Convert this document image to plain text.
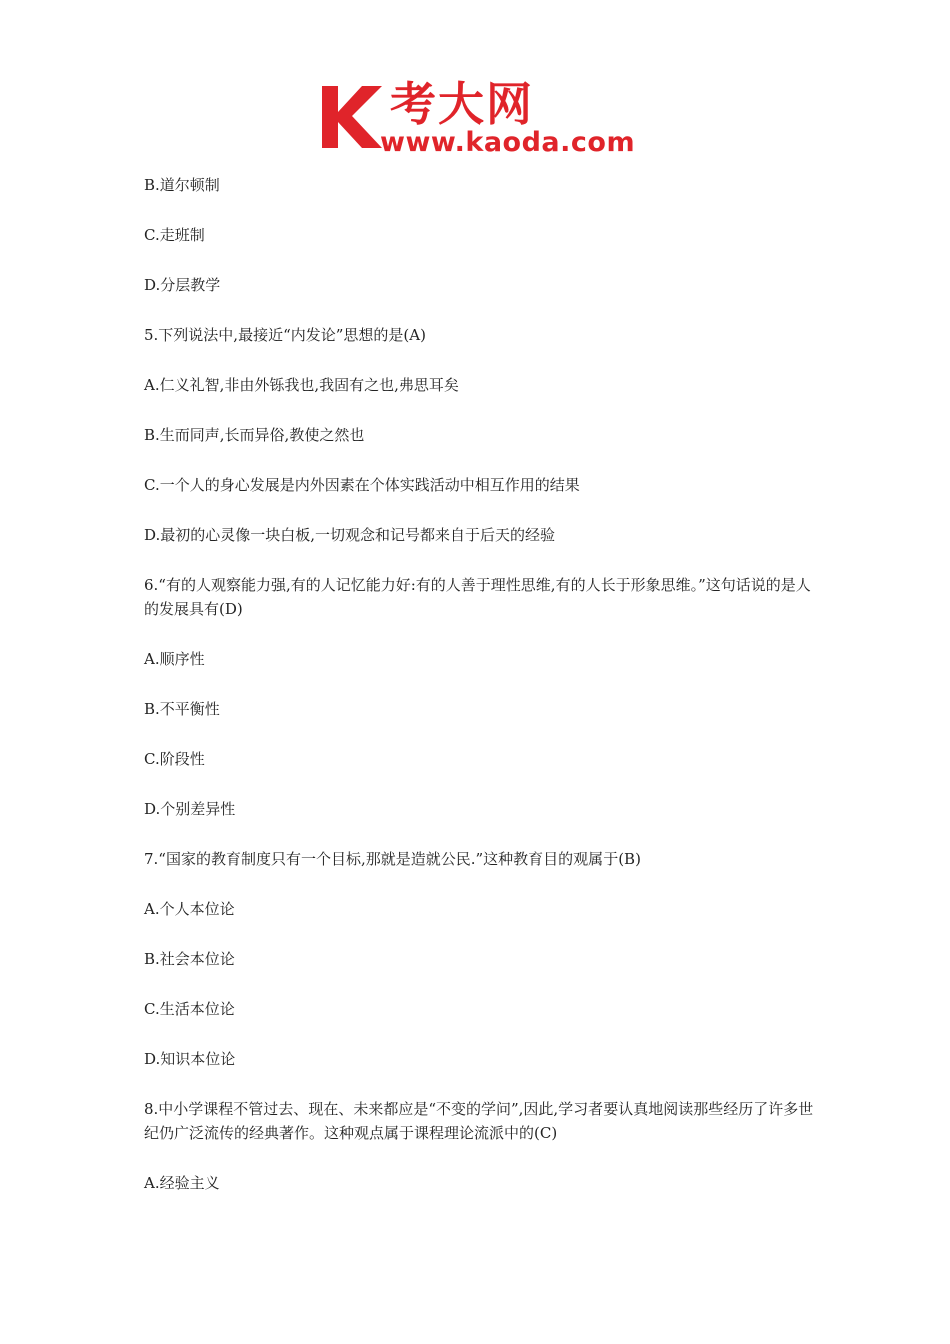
考大网
www.kaoda.com

B.道尔顿制

C.走班制

D.分层教学

5.下列说法中,最接近“内发论”思想的是(A)

A.仁义礼智,非由外铄我也,我固有之也,弗思耳矣

B.生而同声,长而异俗,教使之然也

C.一个人的身心发展是内外因素在个体实践活动中相互作用的结果

D.最初的心灵像一块白板,一切观念和记号都来自于后天的经验

6.“有的人观察能力强,有的人记忆能力好:有的人善于理性思维,有的人长于形象思维。”这句话说的是人的发展具有(D)

A.顺序性

B.不平衡性

C.阶段性

D.个别差异性

7.“国家的教育制度只有一个目标,那就是造就公民.”这种教育目的观属于(B)

A.个人本位论

B.社会本位论

C.生活本位论

D.知识本位论

8.中小学课程不管过去、现在、未来都应是“不变的学问”,因此,学习者要认真地阅读那些经历了许多世纪仍广泛流传的经典著作。这种观点属于课程理论流派中的(C)

A.经验主义
